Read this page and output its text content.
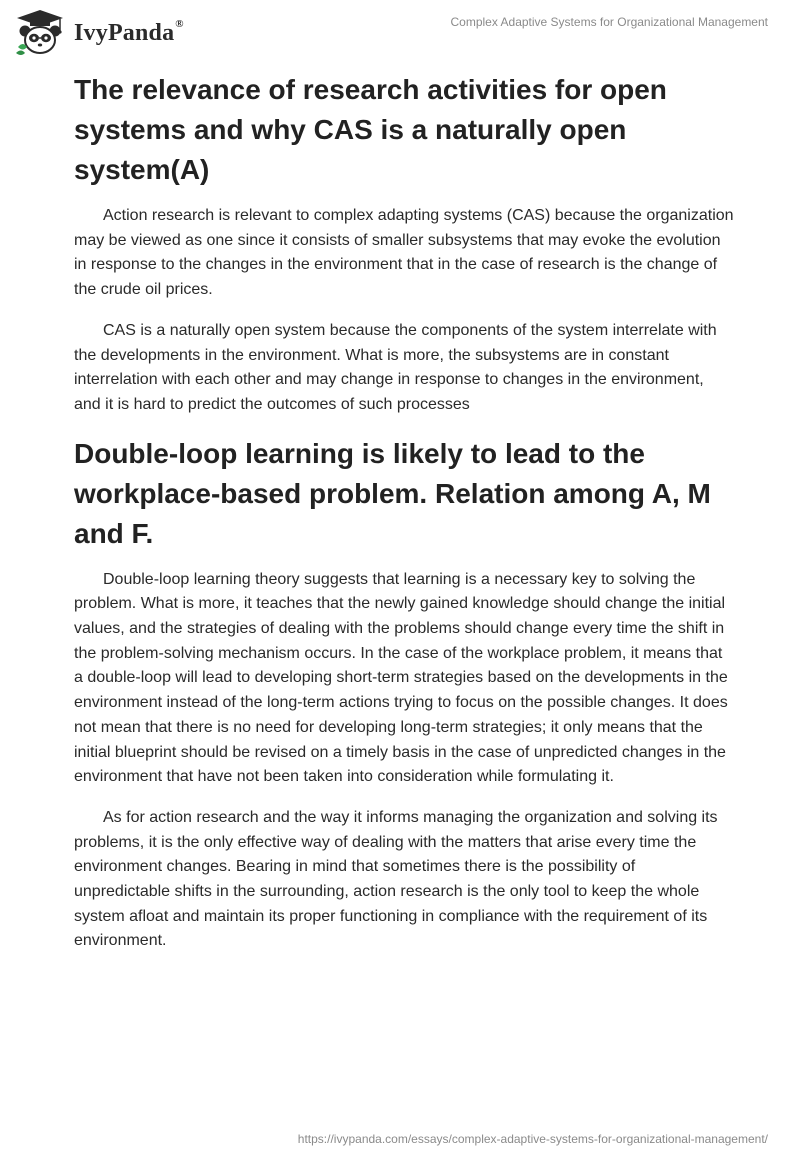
IvyPanda®	Complex Adaptive Systems for Organizational Management
The relevance of research activities for open systems and why CAS is a naturally open system(A)

Action research is relevant to complex adapting systems (CAS) because the organization may be viewed as one since it consists of smaller subsystems that may evoke the evolution in response to the changes in the environment that in the case of research is the change of the crude oil prices.

CAS is a naturally open system because the components of the system interrelate with the developments in the environment. What is more, the subsystems are in constant interrelation with each other and may change in response to changes in the environment, and it is hard to predict the outcomes of such processes

Double-loop learning is likely to lead to the workplace-based problem. Relation among A, M and F.

Double-loop learning theory suggests that learning is a necessary key to solving the problem. What is more, it teaches that the newly gained knowledge should change the initial values, and the strategies of dealing with the problems should change every time the shift in the problem-solving mechanism occurs. In the case of the workplace problem, it means that a double-loop will lead to developing short-term strategies based on the developments in the environment instead of the long-term actions trying to focus on the possible changes. It does not mean that there is no need for developing long-term strategies; it only means that the initial blueprint should be revised on a timely basis in the case of unpredicted changes in the environment that have not been taken into consideration while formulating it.

As for action research and the way it informs managing the organization and solving its problems, it is the only effective way of dealing with the matters that arise every time the environment changes. Bearing in mind that sometimes there is the possibility of unpredictable shifts in the surrounding, action research is the only tool to keep the whole system afloat and maintain its proper functioning in compliance with the requirement of its environment.

https://ivypanda.com/essays/complex-adaptive-systems-for-organizational-management/
